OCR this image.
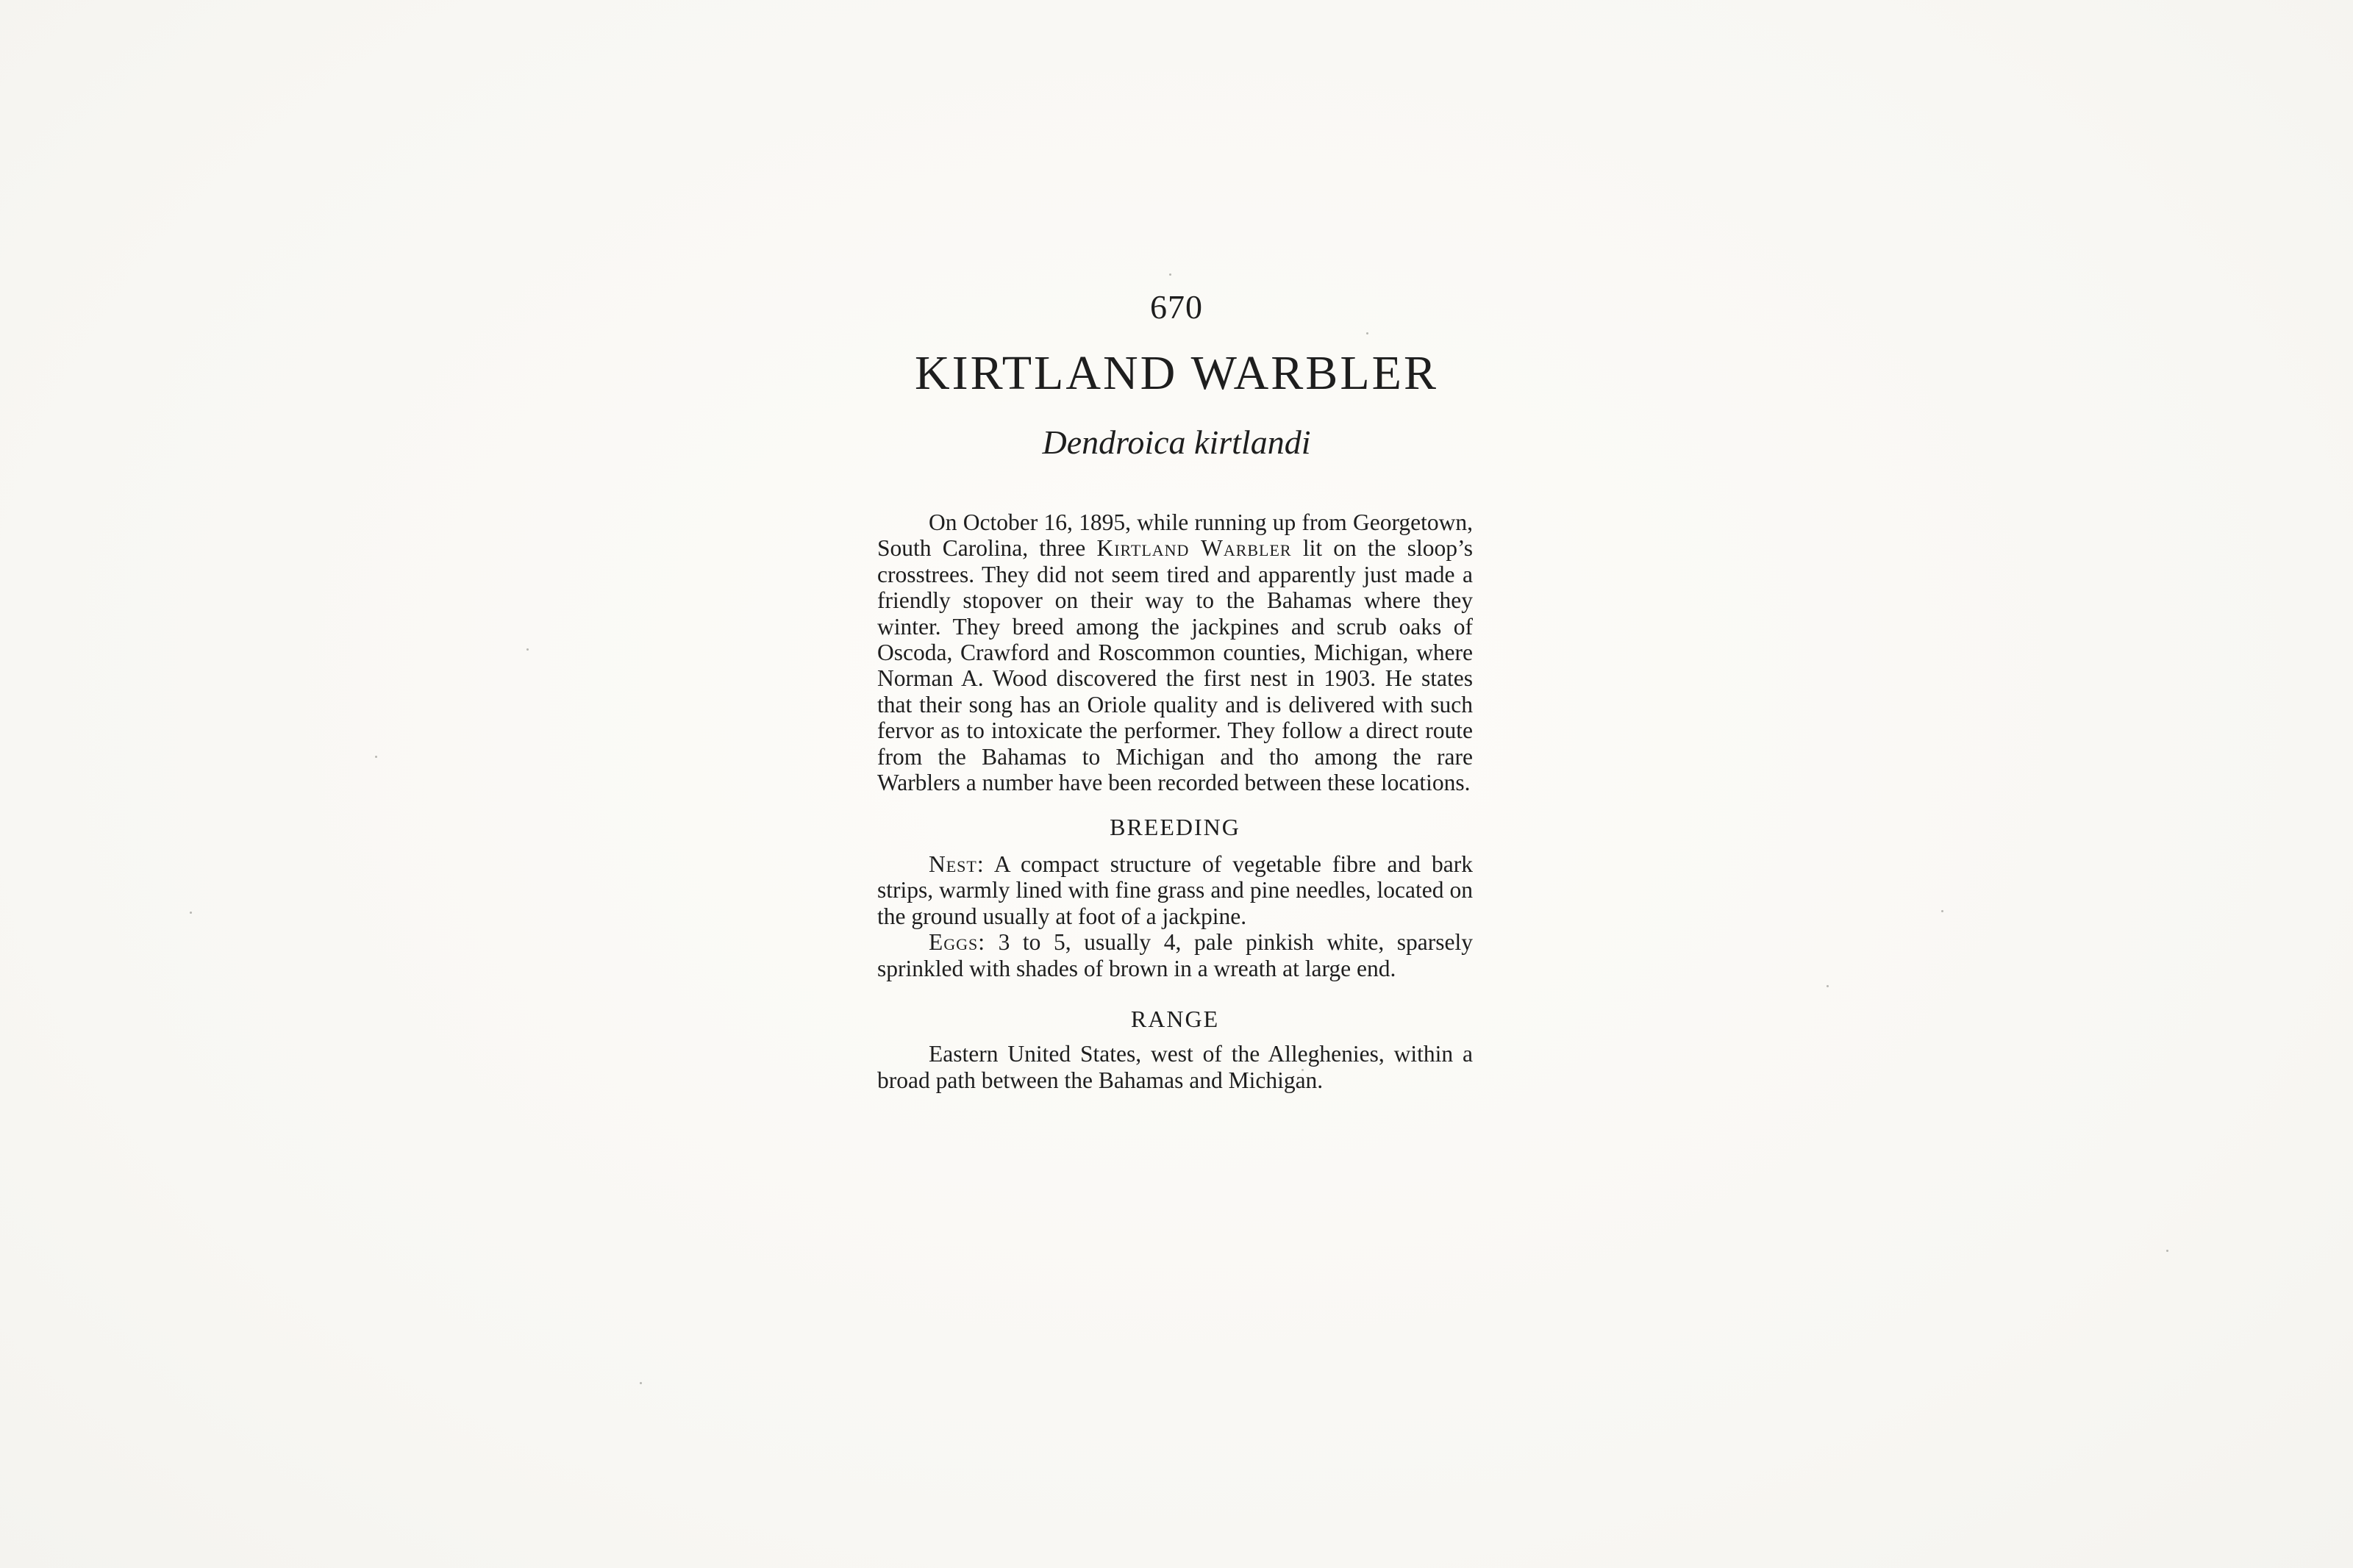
670
KIRTLAND WARBLER
Dendroica kirtlandi

On October 16, 1895, while running up from Georgetown, South Carolina, three Kirtland Warbler lit on the sloop’s crosstrees. They did not seem tired and apparently just made a friendly stopover on their way to the Bahamas where they winter. They breed among the jackpines and scrub oaks of Oscoda, Crawford and Roscommon counties, Michigan, where Norman A. Wood discovered the first nest in 1903. He states that their song has an Oriole quality and is delivered with such fervor as to intoxicate the performer. They follow a direct route from the Bahamas to Michigan and tho among the rare Warblers a number have been recorded between these locations.

BREEDING

Nest: A compact structure of vegetable fibre and bark strips, warmly lined with fine grass and pine needles, located on the ground usually at foot of a jackpine.

Eggs: 3 to 5, usually 4, pale pinkish white, sparsely sprinkled with shades of brown in a wreath at large end.

RANGE

Eastern United States, west of the Alleghenies, within a broad path between the Bahamas and Michigan.
